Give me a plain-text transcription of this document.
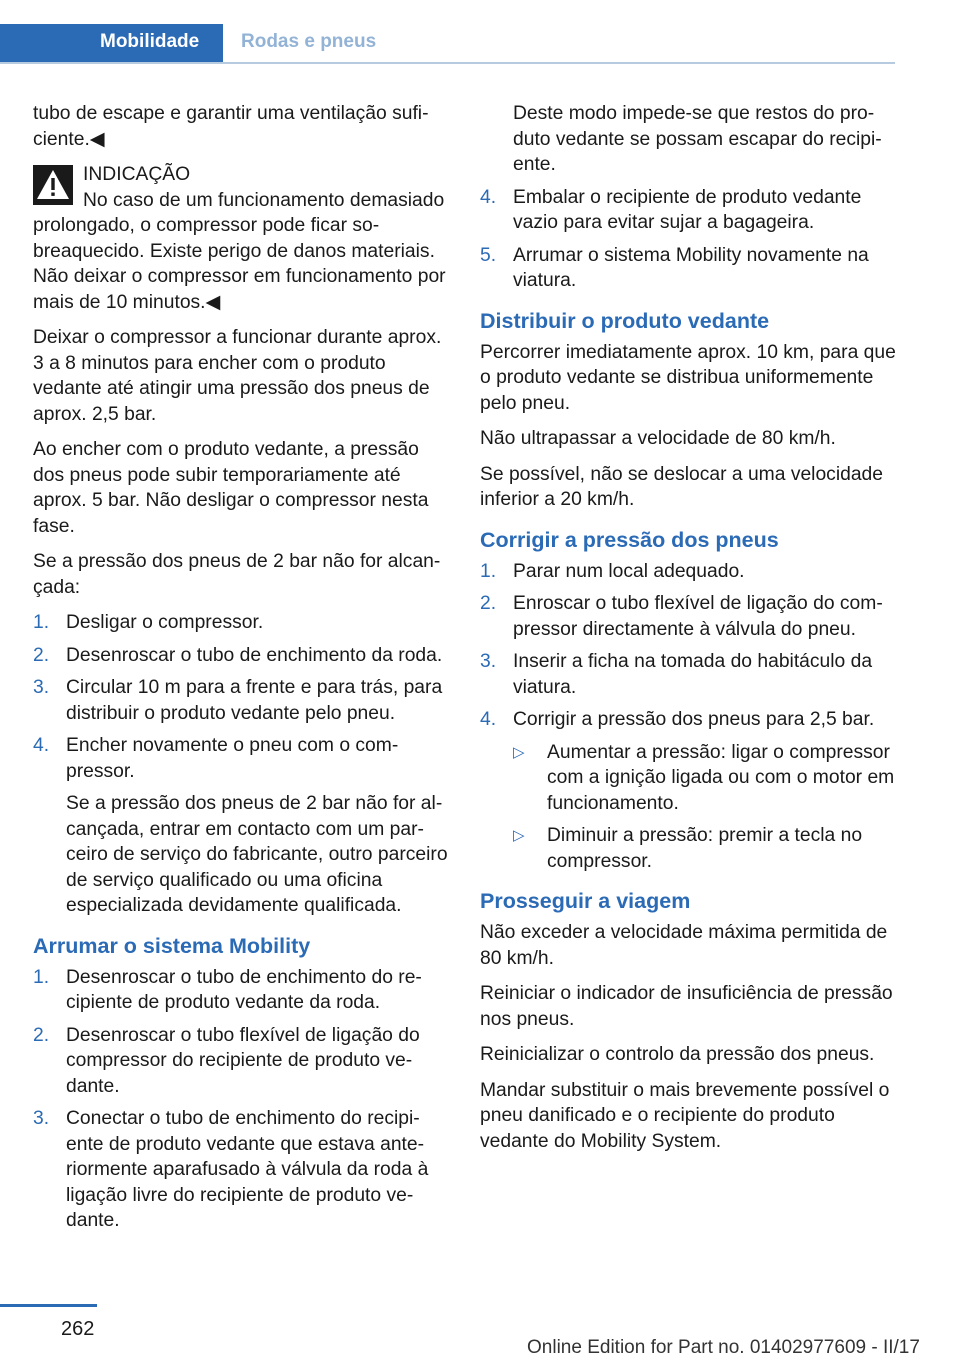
Mobilidade Rodas e pneus

tubo de escape e garantir uma ventilação suficiente.◀

INDICAÇÃO
No caso de um funcionamento demasiado prolongado, o compressor pode ficar sobreaquecido. Existe perigo de danos materiais. Não deixar o compressor em funcionamento por mais de 10 minutos.◀

Deixar o compressor a funcionar durante aprox. 3 a 8 minutos para encher com o produto vedante até atingir uma pressão dos pneus de aprox. 2,5 bar.

Ao encher com o produto vedante, a pressão dos pneus pode subir temporariamente até aprox. 5 bar. Não desligar o compressor nesta fase.

Se a pressão dos pneus de 2 bar não for alcançada:

1. Desligar o compressor.
2. Desenroscar o tubo de enchimento da roda.
3. Circular 10 m para a frente e para trás, para distribuir o produto vedante pelo pneu.
4. Encher novamente o pneu com o compressor.
Se a pressão dos pneus de 2 bar não for alcançada, entrar em contacto com um parceiro de serviço do fabricante, outro parceiro de serviço qualificado ou uma oficina especializada devidamente qualificada.
Arrumar o sistema Mobility
1. Desenroscar o tubo de enchimento do recipiente de produto vedante da roda.
2. Desenroscar o tubo flexível de ligação do compressor do recipiente de produto vedante.
3. Conectar o tubo de enchimento do recipiente de produto vedante que estava anteriormente aparafusado à válvula da roda à ligação livre do recipiente de produto vedante.
Deste modo impede-se que restos do produto vedante se possam escapar do recipiente.
4. Embalar o recipiente de produto vedante vazio para evitar sujar a bagageira.
5. Arrumar o sistema Mobility novamente na viatura.
Distribuir o produto vedante

Percorrer imediatamente aprox. 10 km, para que o produto vedante se distribua uniformemente pelo pneu.

Não ultrapassar a velocidade de 80 km/h.

Se possível, não se deslocar a uma velocidade inferior a 20 km/h.

Corrigir a pressão dos pneus
1. Parar num local adequado.
2. Enroscar o tubo flexível de ligação do compressor directamente à válvula do pneu.
3. Inserir a ficha na tomada do habitáculo da viatura.
4. Corrigir a pressão dos pneus para 2,5 bar.
▷ Aumentar a pressão: ligar o compressor com a ignição ligada ou com o motor em funcionamento.
▷ Diminuir a pressão: premir a tecla no compressor.
Prosseguir a viagem

Não exceder a velocidade máxima permitida de 80 km/h.

Reiniciar o indicador de insuficiência de pressão nos pneus.

Reinicializar o controlo da pressão dos pneus.

Mandar substituir o mais brevemente possível o pneu danificado e o recipiente do produto vedante do Mobility System.

262
Online Edition for Part no. 01402977609 - II/17
